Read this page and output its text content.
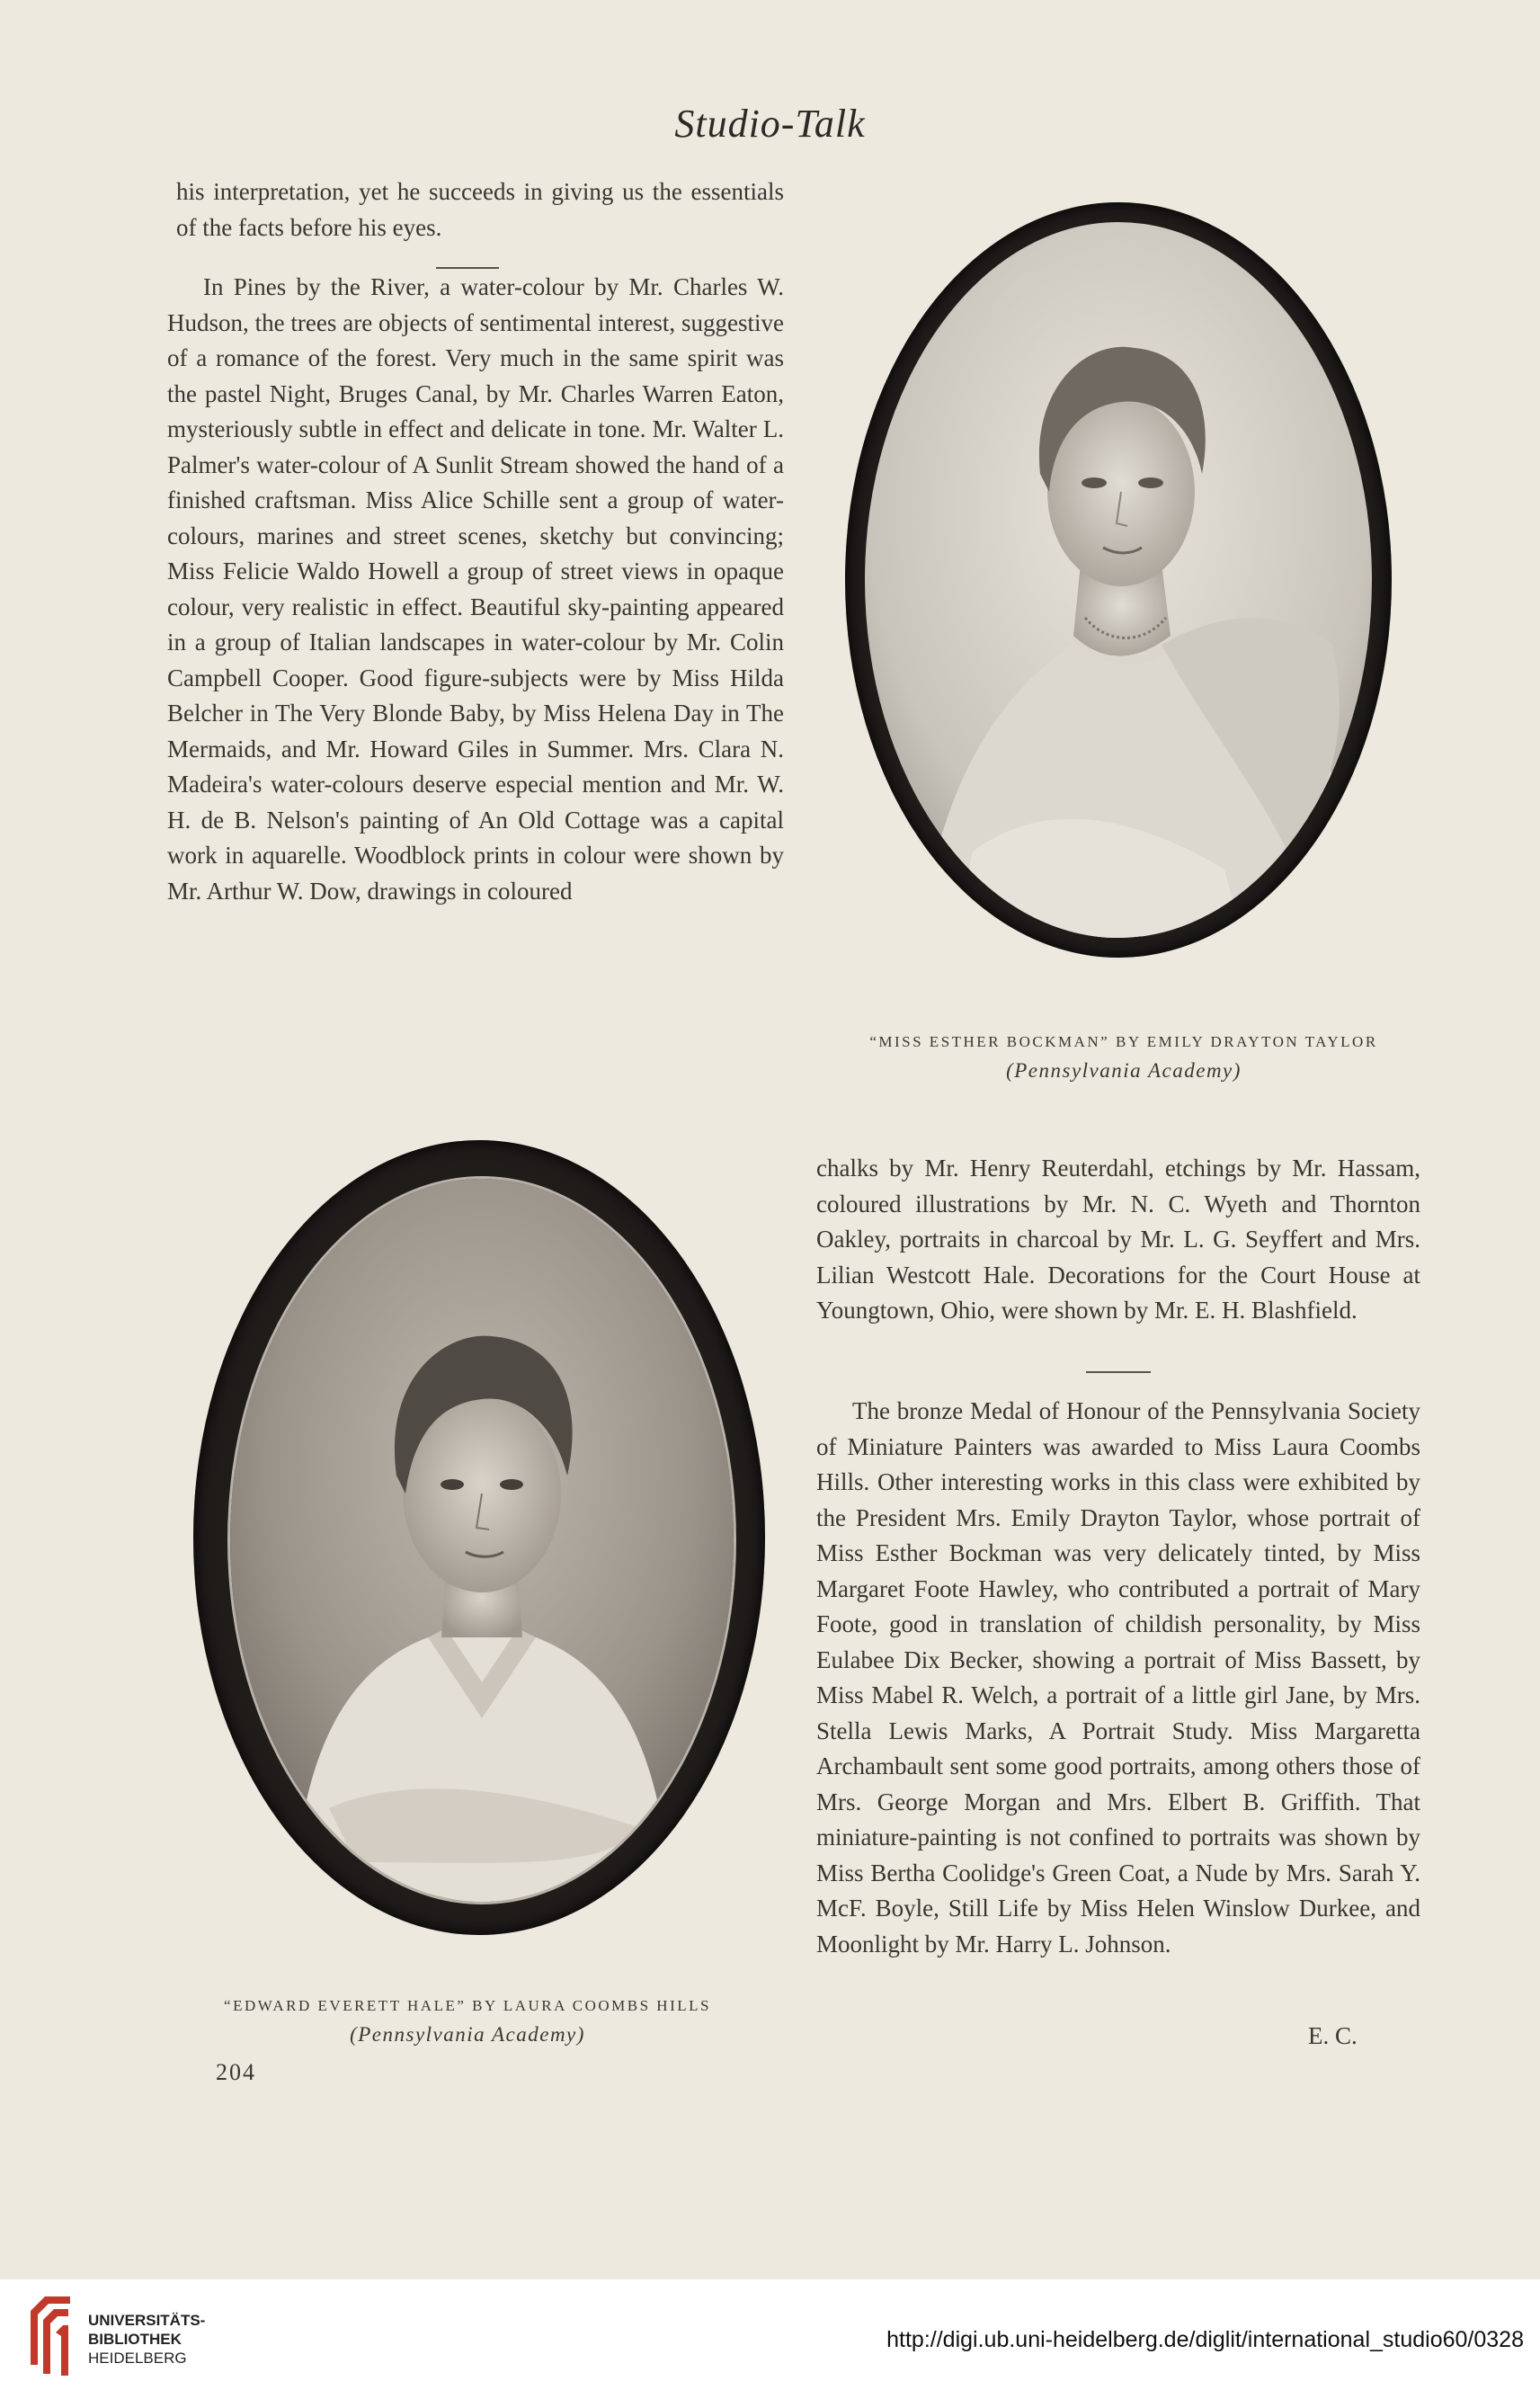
Studio-Talk

his interpretation, yet he succeeds in giving us the essentials of the facts before his eyes.

In Pines by the River, a water-colour by Mr. Charles W. Hudson, the trees are objects of sentimental interest, suggestive of a romance of the forest. Very much in the same spirit was the pastel Night, Bruges Canal, by Mr. Charles Warren Eaton, mysteriously subtle in effect and delicate in tone. Mr. Walter L. Palmer's water-colour of A Sunlit Stream showed the hand of a finished craftsman. Miss Alice Schille sent a group of water-colours, marines and street scenes, sketchy but convincing; Miss Felicie Waldo Howell a group of street views in opaque colour, very realistic in effect. Beautiful sky-painting appeared in a group of Italian landscapes in water-colour by Mr. Colin Campbell Cooper. Good figure-subjects were by Miss Hilda Belcher in The Very Blonde Baby, by Miss Helena Day in The Mermaids, and Mr. Howard Giles in Summer. Mrs. Clara N. Madeira's water-colours deserve especial mention and Mr. W. H. de B. Nelson's painting of An Old Cottage was a capital work in aquarelle. Woodblock prints in colour were shown by Mr. Arthur W. Dow, drawings in coloured

“MISS ESTHER BOCKMAN” BY EMILY DRAYTON TAYLOR
(Pennsylvania Academy)
“EDWARD EVERETT HALE” BY LAURA COOMBS HILLS
(Pennsylvania Academy)

chalks by Mr. Henry Reuterdahl, etchings by Mr. Hassam, coloured illustrations by Mr. N. C. Wyeth and Thornton Oakley, portraits in charcoal by Mr. L. G. Seyffert and Mrs. Lilian Westcott Hale. Decorations for the Court House at Youngtown, Ohio, were shown by Mr. E. H. Blashfield.

The bronze Medal of Honour of the Pennsylvania Society of Miniature Painters was awarded to Miss Laura Coombs Hills. Other interesting works in this class were exhibited by the President Mrs. Emily Drayton Taylor, whose portrait of Miss Esther Bockman was very delicately tinted, by Miss Margaret Foote Hawley, who contributed a portrait of Mary Foote, good in translation of childish personality, by Miss Eulabee Dix Becker, showing a portrait of Miss Bassett, by Miss Mabel R. Welch, a portrait of a little girl Jane, by Mrs. Stella Lewis Marks, A Portrait Study. Miss Margaretta Archambault sent some good portraits, among others those of Mrs. George Morgan and Mrs. Elbert B. Griffith. That miniature-painting is not confined to portraits was shown by Miss Bertha Coolidge's Green Coat, a Nude by Mrs. Sarah Y. McF. Boyle, Still Life by Miss Helen Winslow Durkee, and Moonlight by Mr. Harry L. Johnson.

E. C.
204
UNIVERSITÄTS-
BIBLIOTHEK
HEIDELBERG
http://digi.ub.uni-heidelberg.de/diglit/international_studio60/0328
